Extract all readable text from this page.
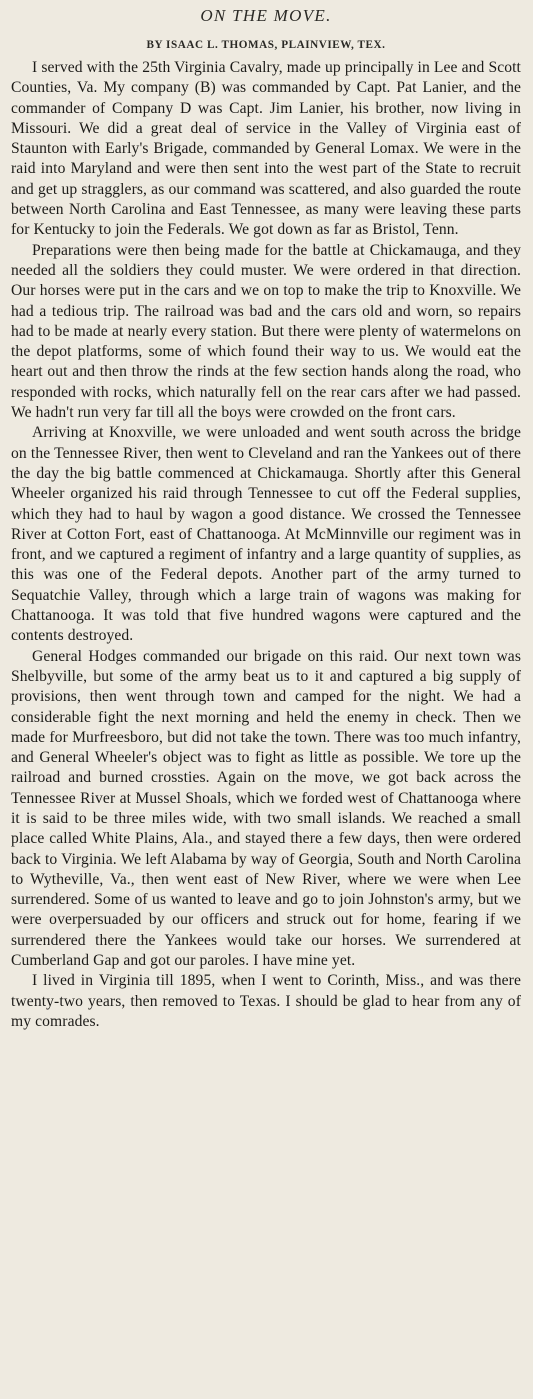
ON THE MOVE.
BY ISAAC L. THOMAS, PLAINVIEW, TEX.

I served with the 25th Virginia Cavalry, made up principally in Lee and Scott Counties, Va. My company (B) was commanded by Capt. Pat Lanier, and the commander of Company D was Capt. Jim Lanier, his brother, now living in Missouri. We did a great deal of service in the Valley of Virginia east of Staunton with Early's Brigade, commanded by General Lomax. We were in the raid into Maryland and were then sent into the west part of the State to recruit and get up stragglers, as our command was scattered, and also guarded the route between North Carolina and East Tennessee, as many were leaving these parts for Kentucky to join the Federals. We got down as far as Bristol, Tenn.

Preparations were then being made for the battle at Chickamauga, and they needed all the soldiers they could muster. We were ordered in that direction. Our horses were put in the cars and we on top to make the trip to Knoxville. We had a tedious trip. The railroad was bad and the cars old and worn, so repairs had to be made at nearly every station. But there were plenty of watermelons on the depot platforms, some of which found their way to us. We would eat the heart out and then throw the rinds at the few section hands along the road, who responded with rocks, which naturally fell on the rear cars after we had passed. We hadn't run very far till all the boys were crowded on the front cars.

Arriving at Knoxville, we were unloaded and went south across the bridge on the Tennessee River, then went to Cleveland and ran the Yankees out of there the day the big battle commenced at Chickamauga. Shortly after this General Wheeler organized his raid through Tennessee to cut off the Federal supplies, which they had to haul by wagon a good distance. We crossed the Tennessee River at Cotton Fort, east of Chattanooga. At McMinnville our regiment was in front, and we captured a regiment of infantry and a large quantity of supplies, as this was one of the Federal depots. Another part of the army turned to Sequatchie Valley, through which a large train of wagons was making for Chattanooga. It was told that five hundred wagons were captured and the contents destroyed.

General Hodges commanded our brigade on this raid. Our next town was Shelbyville, but some of the army beat us to it and captured a big supply of provisions, then went through town and camped for the night. We had a considerable fight the next morning and held the enemy in check. Then we made for Murfreesboro, but did not take the town. There was too much infantry, and General Wheeler's object was to fight as little as possible. We tore up the railroad and burned crossties. Again on the move, we got back across the Tennessee River at Mussel Shoals, which we forded west of Chattanooga where it is said to be three miles wide, with two small islands. We reached a small place called White Plains, Ala., and stayed there a few days, then were ordered back to Virginia. We left Alabama by way of Georgia, South and North Carolina to Wytheville, Va., then went east of New River, where we were when Lee surrendered. Some of us wanted to leave and go to join Johnston's army, but we were overpersuaded by our officers and struck out for home, fearing if we surrendered there the Yankees would take our horses. We surrendered at Cumberland Gap and got our paroles. I have mine yet.

I lived in Virginia till 1895, when I went to Corinth, Miss., and was there twenty-two years, then removed to Texas. I should be glad to hear from any of my comrades.
